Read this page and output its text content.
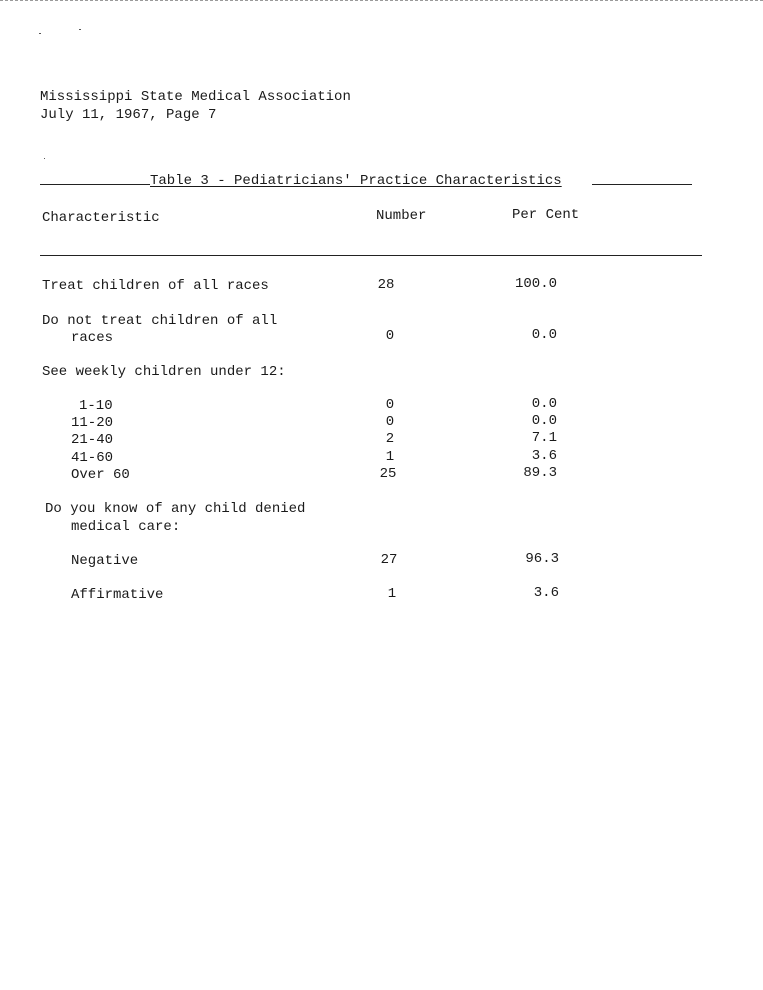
Mississippi State Medical Association
July 11, 1967, Page 7
Table 3 - Pediatricians' Practice Characteristics
Characteristic	Number	Per Cent
Treat children of all races	28	100.0
Do not treat children of all
races	0	0.0
See weekly children under 12:
1-10	0	0.0
11-20	0	0.0
21-40	2	7.1
41-60	1	3.6
Over 60	25	89.3
Do you know of any child denied
medical care:
Negative	27	96.3
Affirmative	1	3.6
